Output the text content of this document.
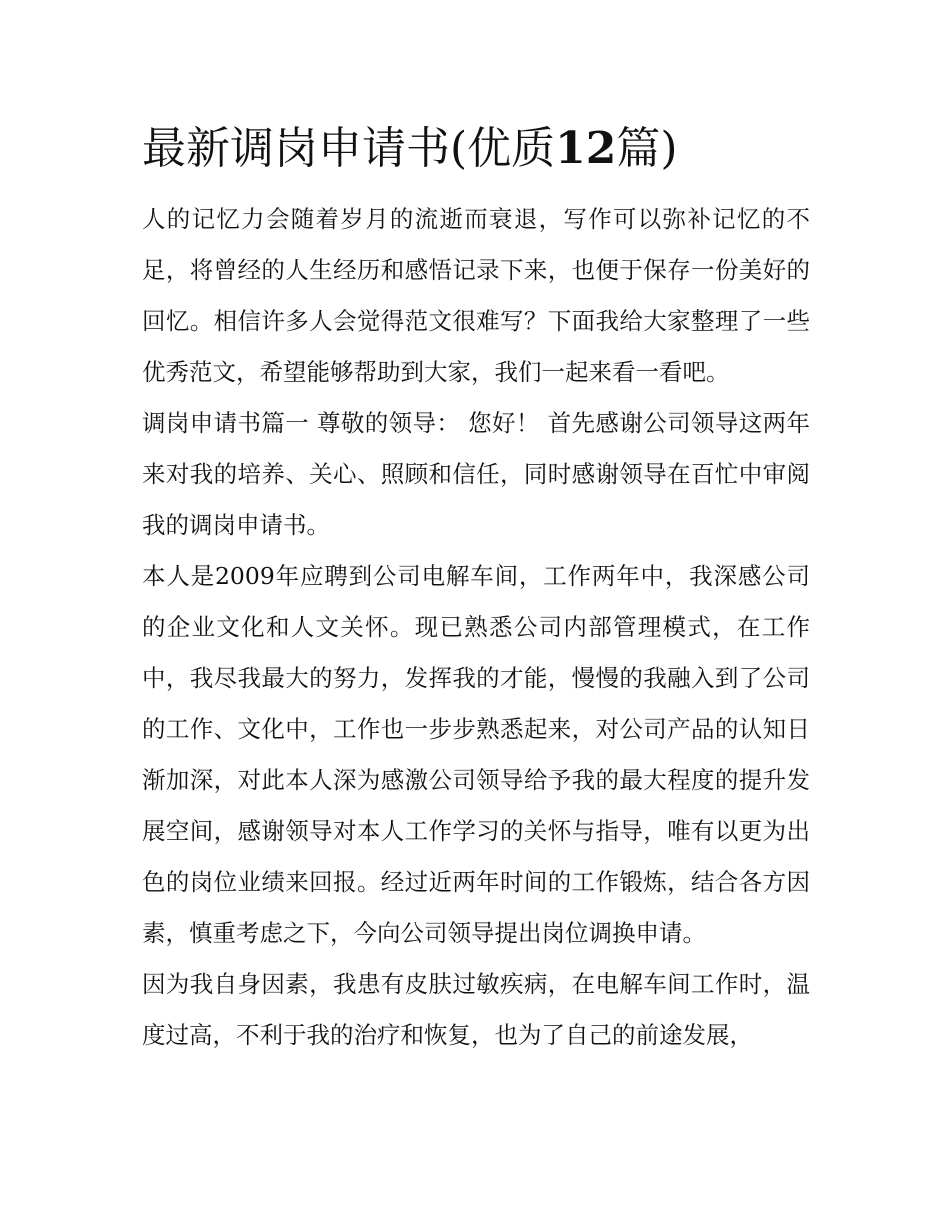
最新调岗申请书(优质12篇)

人的记忆力会随着岁月的流逝而衰退，写作可以弥补记忆的不足，将曾经的人生经历和感悟记录下来，也便于保存一份美好的回忆。相信许多人会觉得范文很难写？下面我给大家整理了一些优秀范文，希望能够帮助到大家，我们一起来看一看吧。

调岗申请书篇一 尊敬的领导： 您好！ 首先感谢公司领导这两年来对我的培养、关心、照顾和信任，同时感谢领导在百忙中审阅我的调岗申请书。

本人是2009年应聘到公司电解车间，工作两年中，我深感公司的企业文化和人文关怀。现已熟悉公司内部管理模式，在工作中，我尽我最大的努力，发挥我的才能，慢慢的我融入到了公司的工作、文化中，工作也一步步熟悉起来，对公司产品的认知日渐加深，对此本人深为感激公司领导给予我的最大程度的提升发展空间，感谢领导对本人工作学习的关怀与指导，唯有以更为出色的岗位业绩来回报。经过近两年时间的工作锻炼，结合各方因素，慎重考虑之下，今向公司领导提出岗位调换申请。

因为我自身因素，我患有皮肤过敏疾病，在电解车间工作时，温度过高，不利于我的治疗和恢复，也为了自己的前途发展，
